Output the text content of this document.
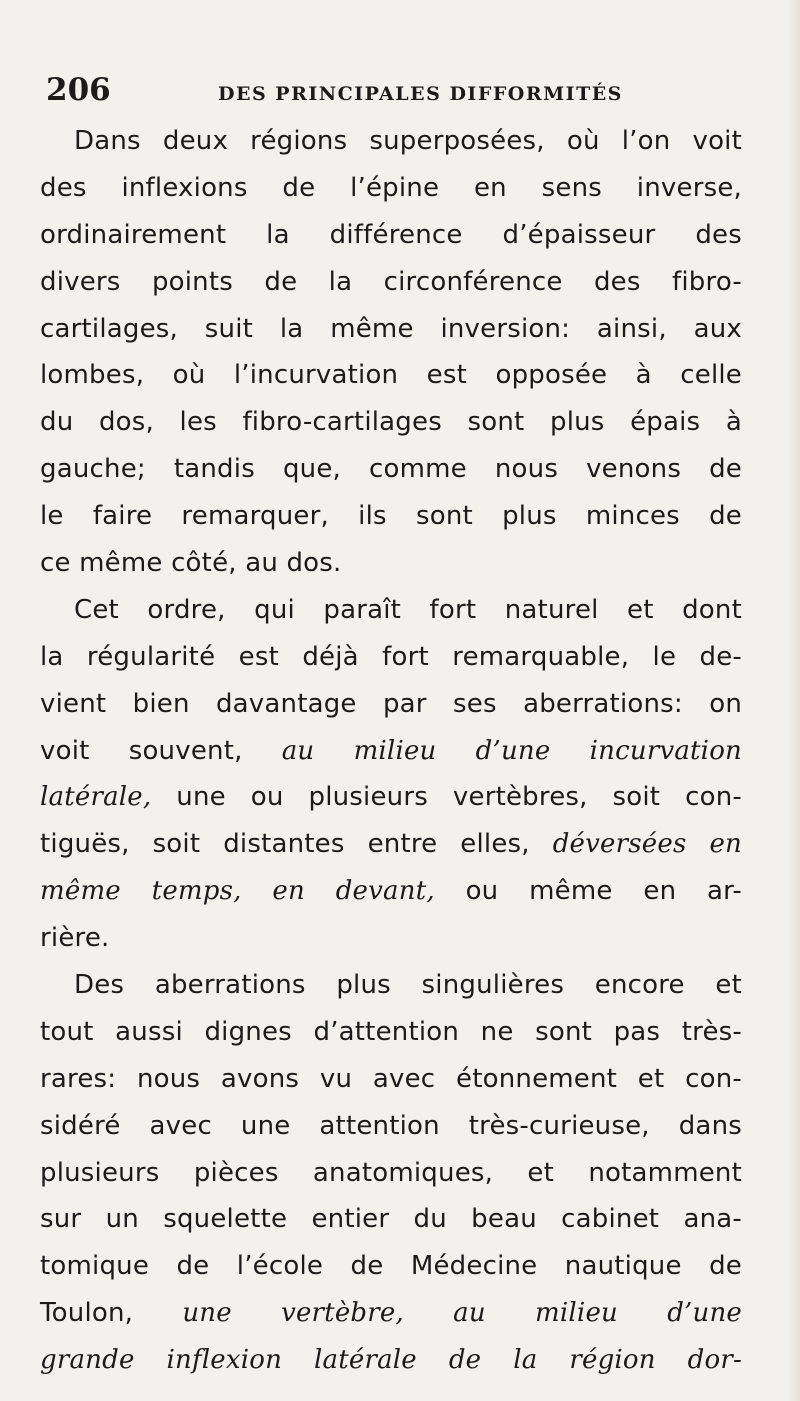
206	DES PRINCIPALES DIFFORMITÉS

Dans deux régions superposées, où l’on voit
des inflexions de l’épine en sens inverse,
ordinairement la différence d’épaisseur des
divers points de la circonférence des fibro-
cartilages, suit la même inversion: ainsi, aux
lombes, où l’incurvation est opposée à celle
du dos, les fibro-cartilages sont plus épais à
gauche; tandis que, comme nous venons de
le faire remarquer, ils sont plus minces de
ce même côté, au dos.

Cet ordre, qui paraît fort naturel et dont
la régularité est déjà fort remarquable, le de-
vient bien davantage par ses aberrations: on
voit souvent, au milieu d’une incurvation
latérale, une ou plusieurs vertèbres, soit con-
tiguës, soit distantes entre elles, déversées en
même temps, en devant, ou même en ar-
rière.

Des aberrations plus singulières encore et
tout aussi dignes d’attention ne sont pas très-
rares: nous avons vu avec étonnement et con-
sidéré avec une attention très-curieuse, dans
plusieurs pièces anatomiques, et notamment
sur un squelette entier du beau cabinet ana-
tomique de l’école de Médecine nautique de
Toulon, une vertèbre, au milieu d’une
grande inflexion latérale de la région dor-
